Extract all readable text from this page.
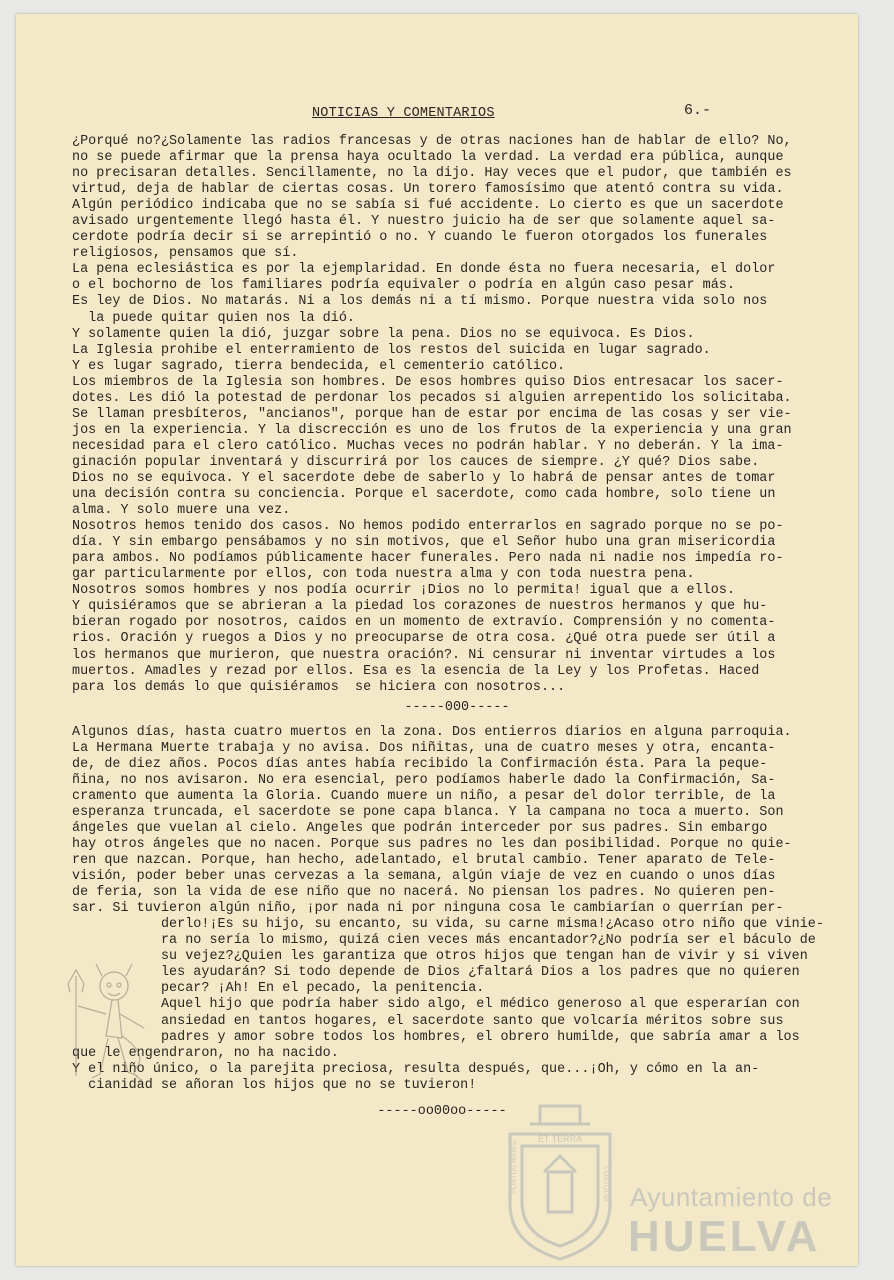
NOTICIAS Y COMENTARIOS	6.-
¿Porqué no?¿Solamente las radios francesas y de otras naciones han de hablar de ello? No,
no se puede afirmar que la prensa haya ocultado la verdad. La verdad era pública, aunque
no precisaran detalles. Sencillamente, no la dijo. Hay veces que el pudor, que también es
virtud, deja de hablar de ciertas cosas. Un torero famosísimo que atentó contra su vida.
Algún periódico indicaba que no se sabía si fué accidente. Lo cierto es que un sacerdote
avisado urgentemente llegó hasta él. Y nuestro juicio ha de ser que solamente aquel sa-
cerdote podría decir si se arrepintió o no. Y cuando le fueron otorgados los funerales
religiosos, pensamos que sí.
La pena eclesiástica es por la ejemplaridad. En donde ésta no fuera necesaria, el dolor
o el bochorno de los familiares podría equivaler o podría en algún caso pesar más.
Es ley de Dios. No matarás. Ni a los demás ni a tí mismo. Porque nuestra vida solo nos
la puede quitar quien nos la dió.
Y solamente quien la dió, juzgar sobre la pena. Dios no se equivoca. Es Dios.
La Iglesia prohibe el enterramiento de los restos del suicida en lugar sagrado.
Y es lugar sagrado, tierra bendecida, el cementerio católico.
Los miembros de la Iglesia son hombres. De esos hombres quiso Dios entresacar los sacer-
dotes. Les dió la potestad de perdonar los pecados si alguien arrepentido los solicitaba.
Se llaman presbíteros, "ancianos", porque han de estar por encima de las cosas y ser vie-
jos en la experiencia. Y la discrección es uno de los frutos de la experiencia y una gran
necesidad para el clero católico. Muchas veces no podrán hablar. Y no deberán. Y la ima-
ginación popular inventará y discurrirá por los cauces de siempre. ¿Y qué? Dios sabe.
Dios no se equivoca. Y el sacerdote debe de saberlo y lo habrá de pensar antes de tomar
una decisión contra su conciencia. Porque el sacerdote, como cada hombre, solo tiene un
alma. Y solo muere una vez.
Nosotros hemos tenido dos casos. No hemos podido enterrarlos en sagrado porque no se po-
día. Y sin embargo pensábamos y no sin motivos, que el Señor hubo una gran misericordia
para ambos. No podíamos públicamente hacer funerales. Pero nada ni nadie nos impedía ro-
gar particularmente por ellos, con toda nuestra alma y con toda nuestra pena.
Nosotros somos hombres y nos podía ocurrir ¡Dios no lo permita! igual que a ellos.
Y quisiéramos que se abrieran a la piedad los corazones de nuestros hermanos y que hu-
bieran rogado por nosotros, caidos en un momento de extravío. Comprensión y no comenta-
rios. Oración y ruegos a Dios y no preocuparse de otra cosa. ¿Qué otra puede ser útil a
los hermanos que murieron, que nuestra oración?. Ni censurar ni inventar virtudes a los
muertos. Amadles y rezad por ellos. Esa es la esencia de la Ley y los Profetas. Haced
para los demás lo que quisiéramos  se hiciera con nosotros...
-----000-----
Algunos días, hasta cuatro muertos en la zona. Dos entierros diarios en alguna parroquia.
La Hermana Muerte trabaja y no avisa. Dos niñitas, una de cuatro meses y otra, encanta-
de, de diez años. Pocos días antes había recibido la Confirmación ésta. Para la peque-
ñina, no nos avisaron. No era esencial, pero podíamos haberle dado la Confirmación, Sa-
cramento que aumenta la Gloria. Cuando muere un niño, a pesar del dolor terrible, de la
esperanza truncada, el sacerdote se pone capa blanca. Y la campana no toca a muerto. Son
ángeles que vuelan al cielo. Angeles que podrán interceder por sus padres. Sin embargo
hay otros ángeles que no nacen. Porque sus padres no les dan posibilidad. Porque no quie-
ren que nazcan. Porque, han hecho, adelantado, el brutal cambio. Tener aparato de Tele-
visión, poder beber unas cervezas a la semana, algún viaje de vez en cuando o unos días
de feria, son la vida de ese niño que no nacerá. No piensan los padres. No quieren pen-
sar. Si tuvieron algún niño, ¡por nada ni por ninguna cosa le cambiarían o querrían per-
derlo!¡Es su hijo, su encanto, su vida, su carne misma!¿Acaso otro niño que vinie-
ra no sería lo mismo, quizá cien veces más encantador?¿No podría ser el báculo de
su vejez?¿Quien les garantiza que otros hijos que tengan han de vivir y si viven
les ayudarán? Si todo depende de Dios ¿faltará Dios a los padres que no quieren
pecar? ¡Ah! En el pecado, la penitencia.
Aquel hijo que podría haber sido algo, el médico generoso al que esperarían con
ansiedad en tantos hogares, el sacerdote santo que volcaría méritos sobre sus
padres y amor sobre todos los hombres, el obrero humilde, que sabría amar a los
que le engendraron, no ha nacido.
Y el niño único, o la parejita preciosa, resulta después, que...¡Oh, y cómo en la an-
cianidad se añoran los hijos que no se tuvieron!
-----oo00oo-----
ET TERRA
PORTUS MARIS	CUSTODIA Ayuntamiento de
HUELVA
